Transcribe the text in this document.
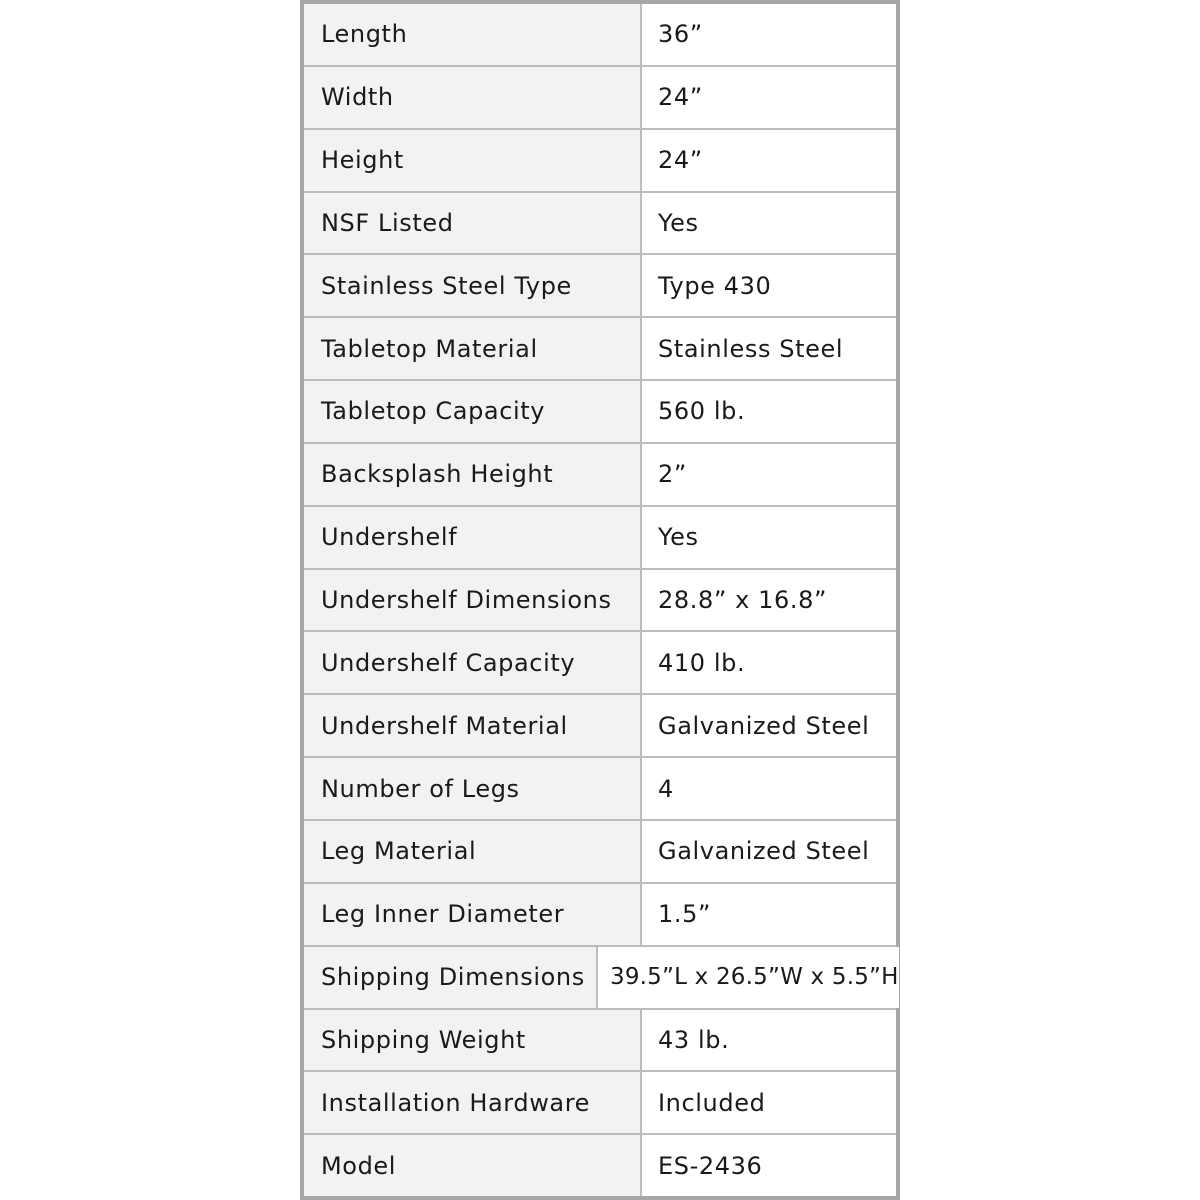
Length	36”
Width	24”
Height	24”
NSF Listed	Yes
Stainless Steel Type	Type 430
Tabletop Material	Stainless Steel
Tabletop Capacity	560 lb.
Backsplash Height	2”
Undershelf	Yes
Undershelf Dimensions	28.8” x 16.8”
Undershelf Capacity	410 lb.
Undershelf Material	Galvanized Steel
Number of Legs	4
Leg Material	Galvanized Steel
Leg Inner Diameter	1.5”
Shipping Dimensions	39.5”L x 26.5”W x 5.5”H
Shipping Weight	43 lb.
Installation Hardware	Included
Model	ES-2436
